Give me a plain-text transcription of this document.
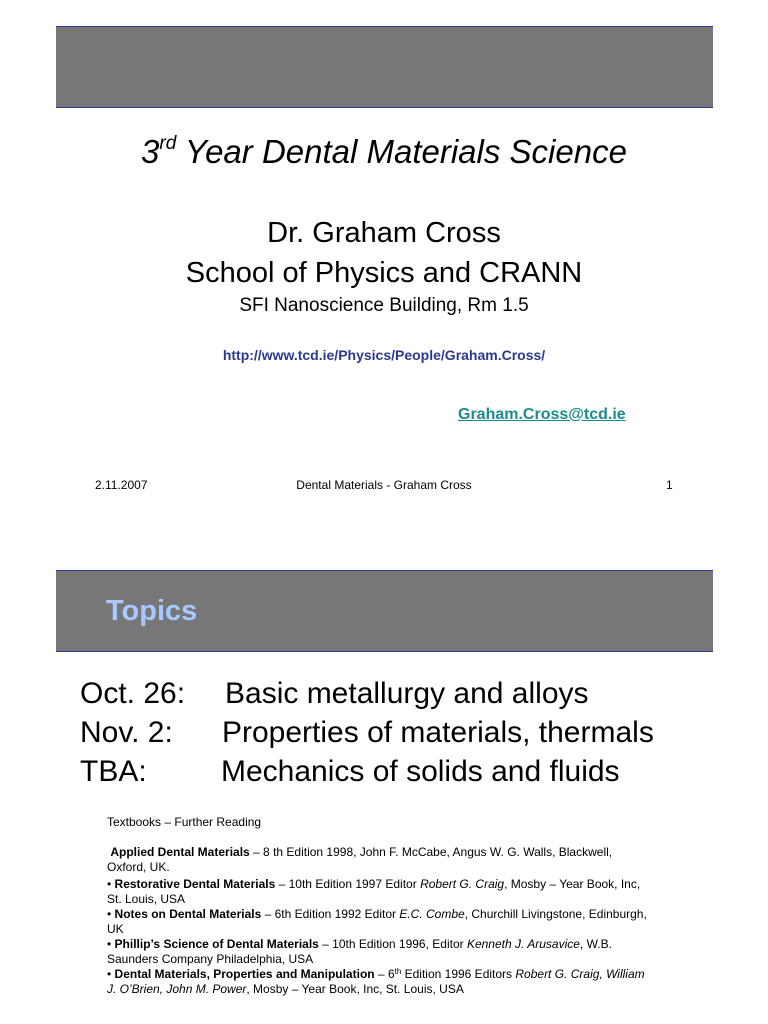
3rd Year Dental Materials Science
Dr. Graham Cross
School of Physics and CRANN
SFI Nanoscience Building, Rm 1.5
http://www.tcd.ie/Physics/People/Graham.Cross/
Graham.Cross@tcd.ie
2.11.2007	Dental Materials - Graham Cross	1
Topics
Oct. 26: Basic metallurgy and alloys
Nov. 2: Properties of materials, thermals
TBA: Mechanics of solids and fluids
Textbooks – Further Reading
Applied Dental Materials – 8 th Edition 1998, John F. McCabe, Angus W. G. Walls, Blackwell, Oxford, UK.
• Restorative Dental Materials – 10th Edition 1997 Editor Robert G. Craig, Mosby – Year Book, Inc, St. Louis, USA
• Notes on Dental Materials – 6th Edition 1992 Editor E.C. Combe, Churchill Livingstone, Edinburgh, UK
• Phillip’s Science of Dental Materials – 10th Edition 1996, Editor Kenneth J. Arusavice, W.B. Saunders Company Philadelphia, USA
• Dental Materials, Properties and Manipulation – 6th Edition 1996 Editors Robert G. Craig, William J. O’Brien, John M. Power, Mosby – Year Book, Inc, St. Louis, USA
